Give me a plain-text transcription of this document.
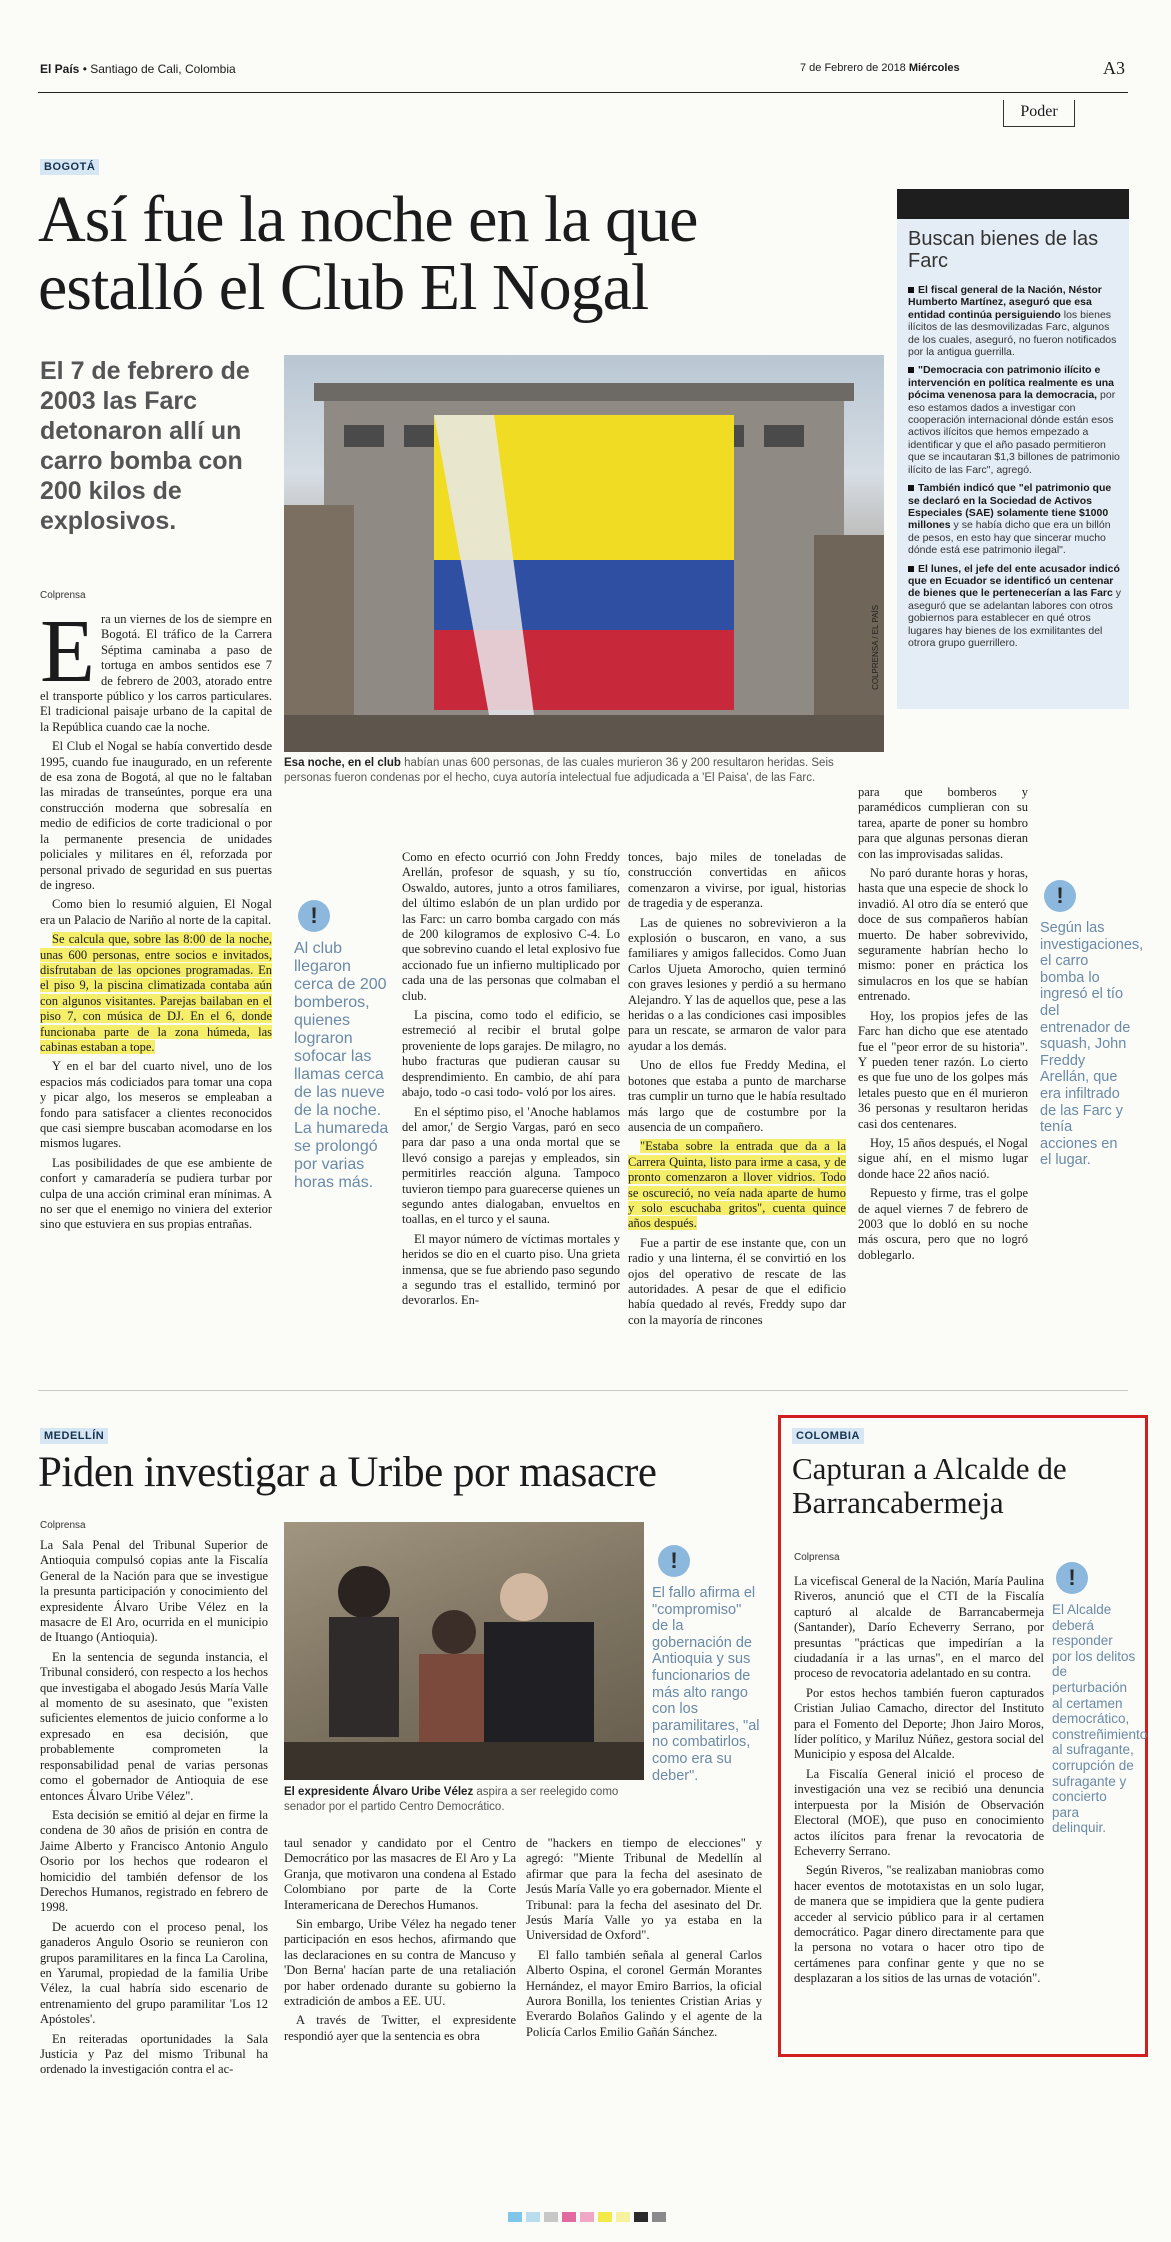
El País • Santiago de Cali, Colombia	7 de Febrero de 2018 Miércoles	A3
Poder
BOGOTÁ
Así fue la noche en la que
estalló el Club El Nogal
El 7 de febrero de 2003 las Farc detonaron allí un carro bomba con 200 kilos de explosivos.
Colprensa
COLPRENSA / EL PAÍS
Esa noche, en el club habían unas 600 personas, de las cuales murieron 36 y 200 resultaron heridas. Seis personas fueron condenas por el hecho, cuya autoría intelectual fue adjudicada a 'El Paisa', de las Farc.
E ra un viernes de los de siempre en Bogotá. El tráfico de la Carrera Séptima caminaba a paso de tortuga en ambos sentidos ese 7 de febrero de 2003, atorado entre el transporte público y los carros particulares. El tradicional paisaje urbano de la capital de la República cuando cae la noche.

El Club el Nogal se había convertido desde 1995, cuando fue inaugurado, en un referente de esa zona de Bogotá, al que no le faltaban las miradas de transeúntes, porque era una construcción moderna que sobresalía en medio de edificios de corte tradicional o por la permanente presencia de unidades policiales y militares en él, reforzada por personal privado de seguridad en sus puertas de ingreso.

Como bien lo resumió alguien, El Nogal era un Palacio de Nariño al norte de la capital.

Se calcula que, sobre las 8:00 de la noche, unas 600 personas, entre socios e invitados, disfrutaban de las opciones programadas. En el piso 9, la piscina climatizada contaba aún con algunos visitantes. Parejas bailaban en el piso 7, con música de DJ. En el 6, donde funcionaba parte de la zona húmeda, las cabinas estaban a tope.

Y en el bar del cuarto nivel, uno de los espacios más codiciados para tomar una copa y picar algo, los meseros se empleaban a fondo para satisfacer a clientes reconocidos que casi siempre buscaban acomodarse en los mismos lugares.

Las posibilidades de que ese ambiente de confort y camaradería se pudiera turbar por culpa de una acción criminal eran mínimas. A no ser que el enemigo no viniera del exterior sino que estuviera en sus propias entrañas.

!
Al club llegaron cerca de 200 bomberos, quienes lograron sofocar las llamas cerca de las nueve de la noche. La humareda se prolongó por varias horas más.

Como en efecto ocurrió con John Freddy Arellán, profesor de squash, y su tío, Oswaldo, autores, junto a otros familiares, del último eslabón de un plan urdido por las Farc: un carro bomba cargado con más de 200 kilogramos de explosivo C-4. Lo que sobrevino cuando el letal explosivo fue accionado fue un infierno multiplicado por cada una de las personas que colmaban el club.

La piscina, como todo el edificio, se estremeció al recibir el brutal golpe proveniente de lops garajes. De milagro, no hubo fracturas que pudieran causar su desprendimiento. En cambio, de ahí para abajo, todo -o casi todo- voló por los aires.

En el séptimo piso, el 'Anoche hablamos del amor,' de Sergio Vargas, paró en seco para dar paso a una onda mortal que se llevó consigo a parejas y empleados, sin permitirles reacción alguna. Tampoco tuvieron tiempo para guarecerse quienes un segundo antes dialogaban, envueltos en toallas, en el turco y el sauna.

El mayor número de víctimas mortales y heridos se dio en el cuarto piso. Una grieta inmensa, que se fue abriendo paso segundo a segundo tras el estallido, terminó por devorarlos. En-

tonces, bajo miles de toneladas de construcción convertidas en añicos comenzaron a vivirse, por igual, historias de tragedia y de esperanza.

Las de quienes no sobrevivieron a la explosión o buscaron, en vano, a sus familiares y amigos fallecidos. Como Juan Carlos Ujueta Amorocho, quien terminó con graves lesiones y perdió a su hermano Alejandro. Y las de aquellos que, pese a las heridas o a las condiciones casi imposibles para un rescate, se armaron de valor para ayudar a los demás.

Uno de ellos fue Freddy Medina, el botones que estaba a punto de marcharse tras cumplir un turno que le había resultado más largo que de costumbre por la ausencia de un compañero.

"Estaba sobre la entrada que da a la Carrera Quinta, listo para irme a casa, y de pronto comenzaron a llover vidrios. Todo se oscureció, no veía nada aparte de humo y solo escuchaba gritos", cuenta quince años después.

Fue a partir de ese instante que, con un radio y una linterna, él se convirtió en los ojos del operativo de rescate de las autoridades. A pesar de que el edificio había quedado al revés, Freddy supo dar con la mayoría de rincones

para que bomberos y paramédicos cumplieran con su tarea, aparte de poner su hombro para que algunas personas dieran con las improvisadas salidas.

No paró durante horas y horas, hasta que una especie de shock lo invadió. Al otro día se enteró que doce de sus compañeros habían muerto. De haber sobrevivido, seguramente habrían hecho lo mismo: poner en práctica los simulacros en los que se habían entrenado.

Hoy, los propios jefes de las Farc han dicho que ese atentado fue el "peor error de su historia". Y pueden tener razón. Lo cierto es que fue uno de los golpes más letales puesto que en él murieron 36 personas y resultaron heridas casi dos centenares.

Hoy, 15 años después, el Nogal sigue ahí, en el mismo lugar donde hace 22 años nació.

Repuesto y firme, tras el golpe de aquel viernes 7 de febrero de 2003 que lo dobló en su noche más oscura, pero que no logró doblegarlo.

!
Según las investigaciones, el carro bomba lo ingresó el tío del entrenador de squash, John Freddy Arellán, que era infiltrado de las Farc y tenía acciones en el lugar.
Buscan bienes de las Farc
El fiscal general de la Nación, Néstor Humberto Martínez, aseguró que esa entidad continúa persiguiendo los bienes ilícitos de las desmovilizadas Farc, algunos de los cuales, aseguró, no fueron notificados por la antigua guerrilla.
"Democracia con patrimonio ilícito e intervención en política realmente es una pócima venenosa para la democracia, por eso estamos dados a investigar con cooperación internacional dónde están esos activos ilícitos que hemos empezado a identificar y que el año pasado permitieron que se incautaran $1,3 billones de patrimonio ilícito de las Farc", agregó.
También indicó que "el patrimonio que se declaró en la Sociedad de Activos Especiales (SAE) solamente tiene $1000 millones y se había dicho que era un billón de pesos, en esto hay que sincerar mucho dónde está ese patrimonio ilegal".
El lunes, el jefe del ente acusador indicó que en Ecuador se identificó un centenar de bienes que le pertenecerían a las Farc y aseguró que se adelantan labores con otros gobiernos para establecer en qué otros lugares hay bienes de los exmilitantes del otrora grupo guerrillero.
MEDELLÍN
Piden investigar a Uribe por masacre
Colprensa

La Sala Penal del Tribunal Superior de Antioquia compulsó copias ante la Fiscalía General de la Nación para que se investigue la presunta participación y conocimiento del expresidente Álvaro Uribe Vélez en la masacre de El Aro, ocurrida en el municipio de Ituango (Antioquia).

En la sentencia de segunda instancia, el Tribunal consideró, con respecto a los hechos que investigaba el abogado Jesús María Valle al momento de su asesinato, que "existen suficientes elementos de juicio conforme a lo expresado en esa decisión, que probablemente comprometen la responsabilidad penal de varias personas como el gobernador de Antioquia de ese entonces Álvaro Uribe Vélez".

Esta decisión se emitió al dejar en firme la condena de 30 años de prisión en contra de Jaime Alberto y Francisco Antonio Angulo Osorio por los hechos que rodearon el homicidio del también defensor de los Derechos Humanos, registrado en febrero de 1998.

De acuerdo con el proceso penal, los ganaderos Angulo Osorio se reunieron con grupos paramilitares en la finca La Carolina, en Yarumal, propiedad de la familia Uribe Vélez, la cual habría sido escenario de entrenamiento del grupo paramilitar 'Los 12 Apóstoles'.

En reiteradas oportunidades la Sala Justicia y Paz del mismo Tribunal ha ordenado la investigación contra el ac-

El expresidente Álvaro Uribe Vélez aspira a ser reelegido como senador por el partido Centro Democrático.
!
El fallo afirma el "compromiso" de la gobernación de Antioquia y sus funcionarios de más alto rango con los paramilitares, "al no combatirlos, como era su deber".

taul senador y candidato por el Centro Democrático por las masacres de El Aro y La Granja, que motivaron una condena al Estado Colombiano por parte de la Corte Interamericana de Derechos Humanos.

Sin embargo, Uribe Vélez ha negado tener participación en esos hechos, afirmando que las declaraciones en su contra de Mancuso y 'Don Berna' hacían parte de una retaliación por haber ordenado durante su gobierno la extradición de ambos a EE. UU.

A través de Twitter, el expresidente respondió ayer que la sentencia es obra

de "hackers en tiempo de elecciones" y agregó: "Miente Tribunal de Medellín al afirmar que para la fecha del asesinato de Jesús María Valle yo era gobernador. Miente el Tribunal: para la fecha del asesinato del Dr. Jesús María Valle yo ya estaba en la Universidad de Oxford".

El fallo también señala al general Carlos Alberto Ospina, el coronel Germán Morantes Hernández, el mayor Emiro Barrios, la oficial Aurora Bonilla, los tenientes Cristian Arias y Everardo Bolaños Galindo y el agente de la Policía Carlos Emilio Gañán Sánchez.

COLOMBIA
Capturan a Alcalde de Barrancabermeja
Colprensa

La vicefiscal General de la Nación, María Paulina Riveros, anunció que el CTI de la Fiscalía capturó al alcalde de Barrancabermeja (Santander), Darío Echeverry Serrano, por presuntas "prácticas que impedirían a la ciudadanía ir a las urnas", en el marco del proceso de revocatoria adelantado en su contra.

Por estos hechos también fueron capturados Cristian Juliao Camacho, director del Instituto para el Fomento del Deporte; Jhon Jairo Moros, líder político, y Mariluz Núñez, gestora social del Municipio y esposa del Alcalde.

La Fiscalía General inició el proceso de investigación una vez se recibió una denuncia interpuesta por la Misión de Observación Electoral (MOE), que puso en conocimiento actos ilícitos para frenar la revocatoria de Echeverry Serrano.

Según Riveros, "se realizaban maniobras como hacer eventos de mototaxistas en un solo lugar, de manera que se impidiera que la gente pudiera acceder al servicio público para ir al certamen democrático. Pagar dinero directamente para que la persona no votara o hacer otro tipo de certámenes para confinar gente y que no se desplazaran a los sitios de las urnas de votación".

!
El Alcalde deberá responder por los delitos de perturbación al certamen democrático, constreñimiento al sufragante, corrupción de sufragante y concierto para delinquir.
